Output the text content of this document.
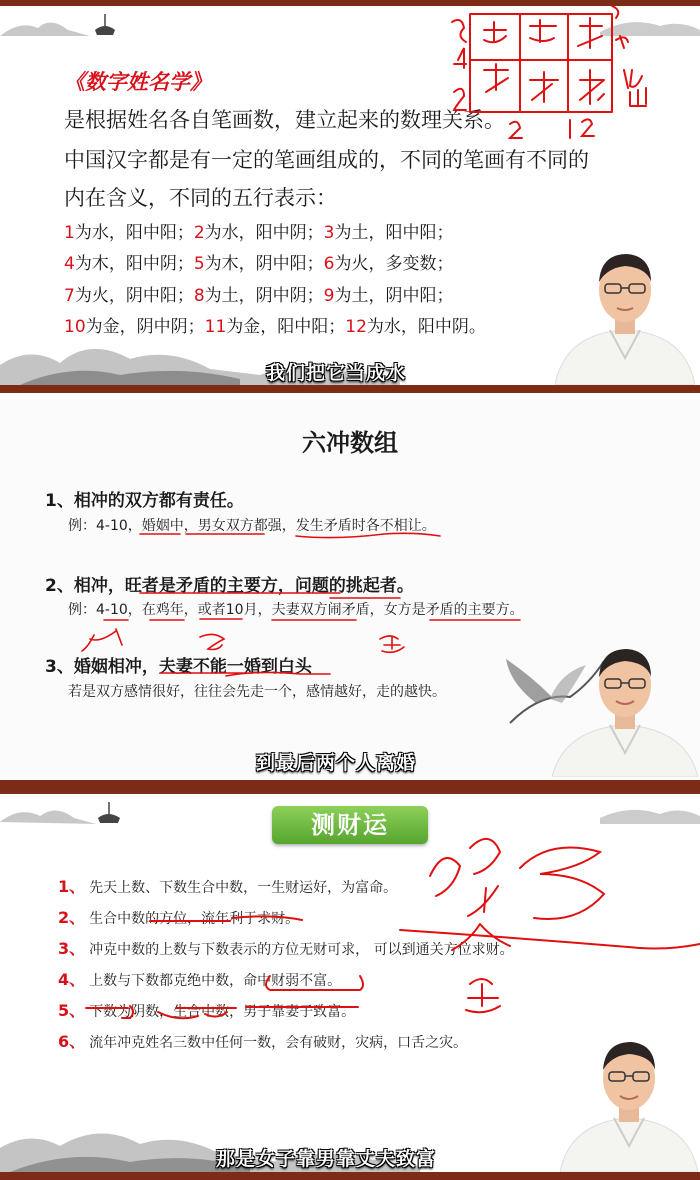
《数字姓名学》
是根据姓名各自笔画数，建立起来的数理关系。
中国汉字都是有一定的笔画组成的，不同的笔画有不同的
内在含义，不同的五行表示：
1为水，阳中阳；2为水，阳中阴；3为土，阳中阳；
4为木，阳中阴；5为木，阴中阳；6为火，多变数；
7为火，阴中阳；8为土，阴中阴；9为土，阴中阳；
10为金，阴中阴；11为金，阳中阳；12为水，阳中阴。
我们把它当成水
六冲数组
1、相冲的双方都有责任。
例：4-10，婚姻中，男女双方都强，发生矛盾时各不相让。
2、相冲，旺者是矛盾的主要方，问题的挑起者。
例：4-10，在鸡年，或者10月，夫妻双方闹矛盾，女方是矛盾的主要方。
3、婚姻相冲，夫妻不能一婚到白头
若是双方感情很好，往往会先走一个，感情越好，走的越快。
到最后两个人离婚
测财运
1、 先天上数、下数生合中数，一生财运好，为富命。
2、 生合中数的方位，流年利于求财。
3、 冲克中数的上数与下数表示的方位无财可求， 可以到通关方位求财。
4、 上数与下数都克绝中数，命中财弱不富。
5、 下数为阴数，生合中数，男子靠妻子致富。
6、 流年冲克姓名三数中任何一数，会有破财，灾病，口舌之灾。
那是女子靠男靠丈夫致富
